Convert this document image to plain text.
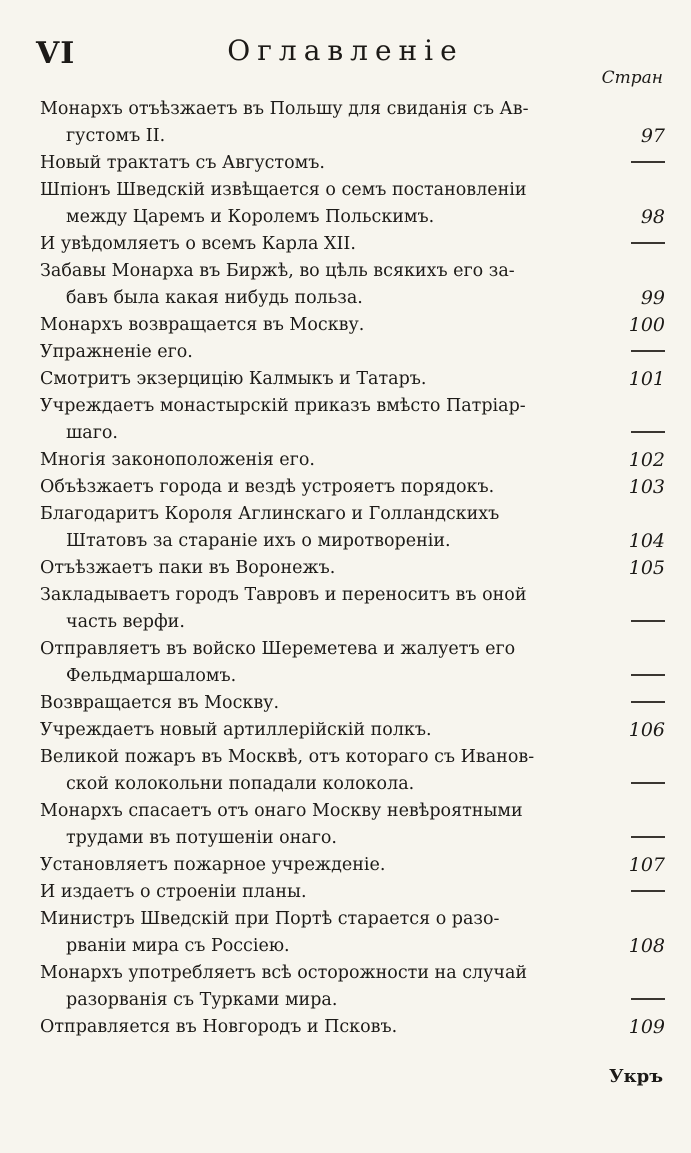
VI	Оглавленіе
Стран
Монархъ отъѣзжаетъ въ Польшу для свиданія съ Ав-
густомъ II.	97
Новый трактатъ съ Августомъ.
Шпіонъ Шведскій извѣщается о семъ постановленіи
между Царемъ и Королемъ Польскимъ.	98
И увѣдомляетъ о всемъ Карла XII.
Забавы Монарха въ Биржѣ, во цѣль всякихъ его за-
бавъ была какая нибудь польза.	99
Монархъ возвращается въ Москву.	100
Упражненіе его.
Смотритъ экзерцицію Калмыкъ и Татаръ.	101
Учреждаетъ монастырскій приказъ вмѣсто Патріар-
шаго.
Многія законоположенія его.	102
Объѣзжаетъ города и вездѣ устрояетъ порядокъ.	103
Благодаритъ Короля Аглинскаго и Голландскихъ
Штатовъ за стараніе ихъ о миротвореніи.	104
Отъѣзжаетъ паки въ Воронежъ.	105
Закладываетъ городъ Тавровъ и переноситъ въ оной
часть верфи.
Отправляетъ въ войско Шереметева и жалуетъ его
Фельдмаршаломъ.
Возвращается въ Москву.
Учреждаетъ новый артиллерійскій полкъ.	106
Великой пожаръ въ Москвѣ, отъ котораго съ Иванов-
ской колокольни попадали колокола.
Монархъ спасаетъ отъ онаго Москву невѣроятными
трудами въ потушеніи онаго.
Установляетъ пожарное учрежденіе.	107
И издаетъ о строеніи планы.
Министръ Шведскій при Портѣ старается о разо-
рваніи мира съ Россіею.	108
Монархъ употребляетъ всѣ осторожности на случай
разорванія съ Турками мира.
Отправляется въ Новгородъ и Псковъ.	109
Укръ
